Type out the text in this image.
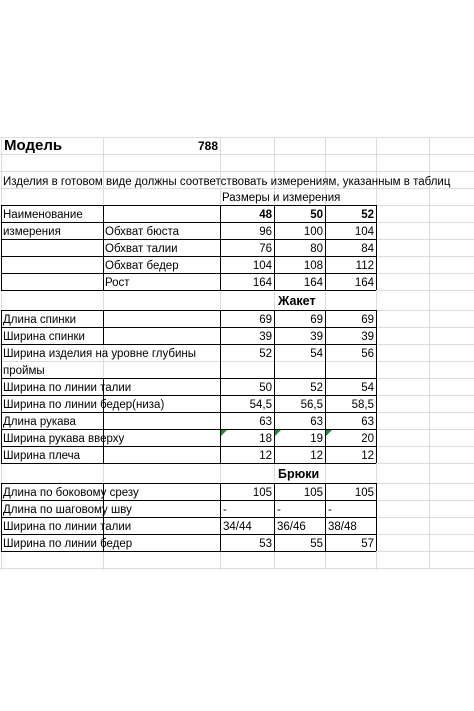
Модель	788
Изделия в готовом виде должны соответствовать измерениям, указанным в таблиц
Размеры и измерения
Наименование
измерения
48	50	52
Обхват бюста	96	100	104
Обхват талии	76	80	84
Обхват бедер	104	108	112
Рост	164	164	164
Жакет
Длина спинки	69	69	69
Ширина спинки	39	39	39
Ширина изделия на уровне глубины	52	54	56
проймы
Ширина по линии талии	50	52	54
Ширина по линии бедер(низа)	54,5	56,5	58,5
Длина рукава	63	63	63
Ширина рукава вверху	18	19	20
Ширина плеча	12	12	12
Брюки
Длина по боковому срезу	105	105	105
Длина по шаговому шву	-	-	-
Ширина по линии талии	34/44 36/46 38/48
Ширина по линии бедер	53	55	57
